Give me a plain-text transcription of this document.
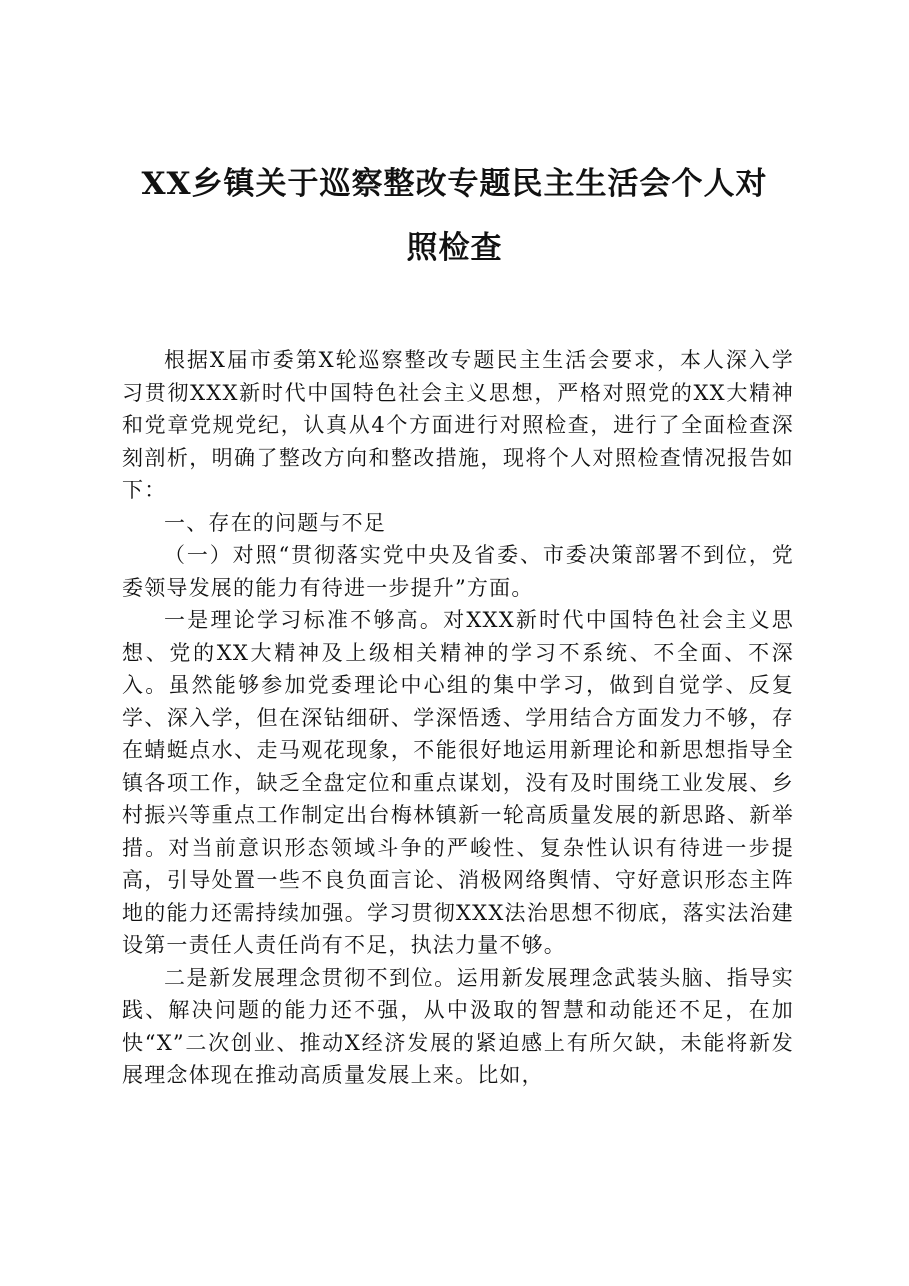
XX乡镇关于巡察整改专题民主生活会个人对
照检查

根据X届市委第X轮巡察整改专题民主生活会要求，本人深入学习贯彻XXX新时代中国特色社会主义思想，严格对照党的XX大精神和党章党规党纪，认真从4个方面进行对照检查，进行了全面检查深刻剖析，明确了整改方向和整改措施，现将个人对照检查情况报告如下：

一、存在的问题与不足

（一）对照“贯彻落实党中央及省委、市委决策部署不到位，党委领导发展的能力有待进一步提升”方面。

一是理论学习标准不够高。对XXX新时代中国特色社会主义思想、党的XX大精神及上级相关精神的学习不系统、不全面、不深入。虽然能够参加党委理论中心组的集中学习，做到自觉学、反复学、深入学，但在深钻细研、学深悟透、学用结合方面发力不够，存在蜻蜓点水、走马观花现象，不能很好地运用新理论和新思想指导全镇各项工作，缺乏全盘定位和重点谋划，没有及时围绕工业发展、乡村振兴等重点工作制定出台梅林镇新一轮高质量发展的新思路、新举措。对当前意识形态领域斗争的严峻性、复杂性认识有待进一步提高，引导处置一些不良负面言论、消极网络舆情、守好意识形态主阵地的能力还需持续加强。学习贯彻XXX法治思想不彻底，落实法治建设第一责任人责任尚有不足，执法力量不够。

二是新发展理念贯彻不到位。运用新发展理念武装头脑、指导实践、解决问题的能力还不强，从中汲取的智慧和动能还不足，在加快“X”二次创业、推动X经济发展的紧迫感上有所欠缺，未能将新发展理念体现在推动高质量发展上来。比如，
